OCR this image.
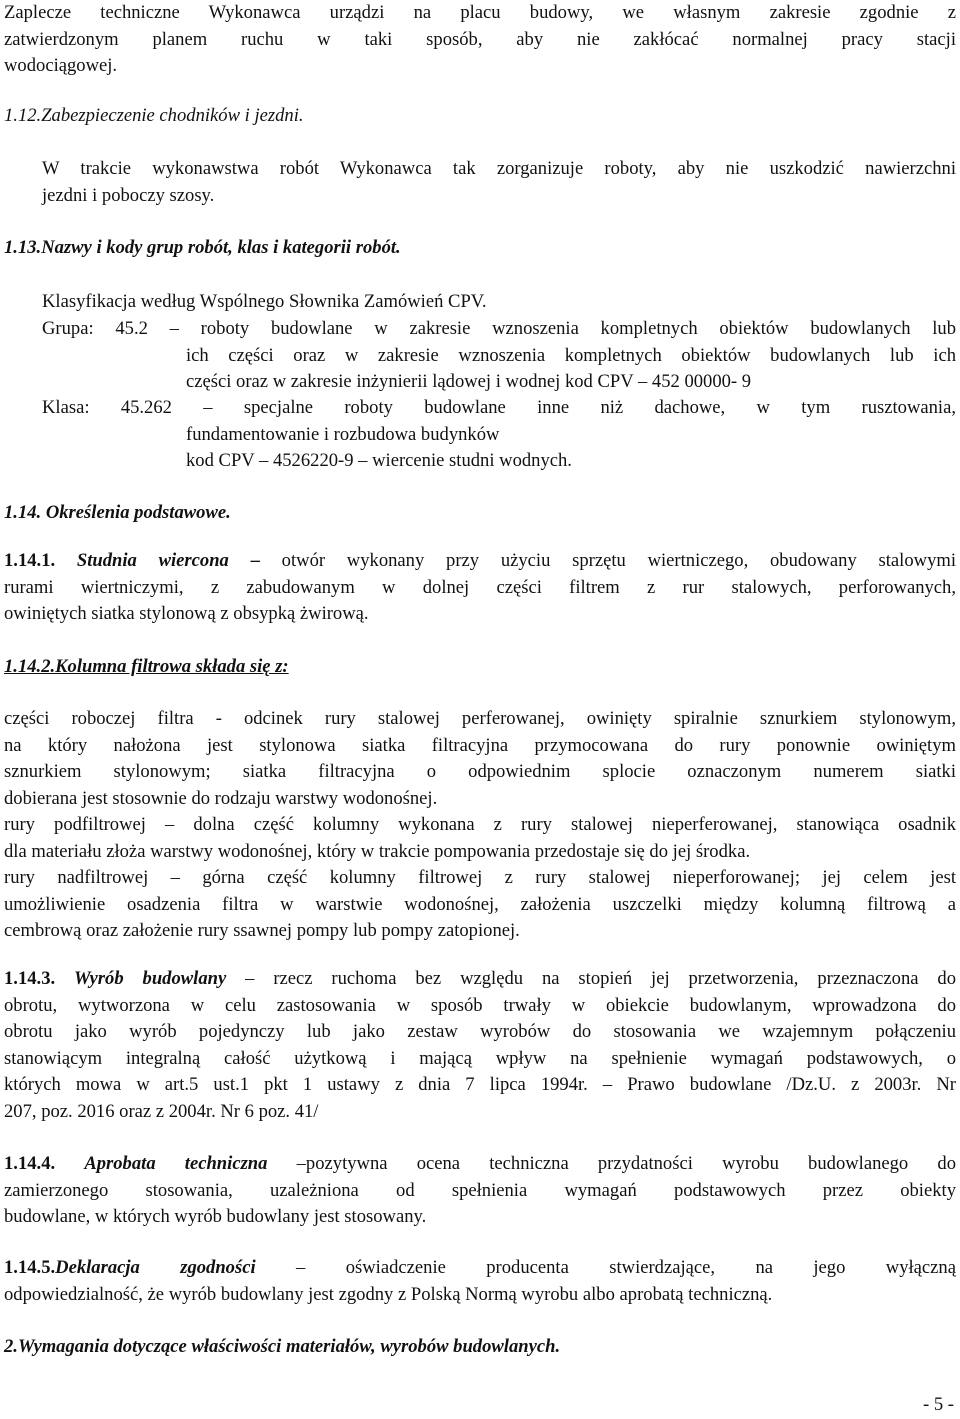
Zaplecze techniczne Wykonawca urządzi na placu budowy, we własnym zakresie zgodnie z
zatwierdzonym planem ruchu w taki sposób, aby nie zakłócać normalnej pracy stacji
wodociągowej.
1.12.Zabezpieczenie chodników i jezdni.
W trakcie wykonawstwa robót Wykonawca tak zorganizuje roboty, aby nie uszkodzić nawierzchni
jezdni i poboczy szosy.
1.13.Nazwy i kody grup robót, klas i kategorii robót.
Klasyfikacja według Wspólnego Słownika Zamówień CPV.
Grupa: 45.2 – roboty budowlane w zakresie wznoszenia kompletnych obiektów budowlanych lub
ich części oraz w zakresie wznoszenia kompletnych obiektów budowlanych lub ich
części oraz w zakresie inżynierii lądowej i wodnej kod CPV – 452 00000- 9
Klasa: 45.262 – specjalne roboty budowlane inne niż dachowe, w tym rusztowania,
fundamentowanie i rozbudowa budynków
kod CPV – 4526220-9 – wiercenie studni wodnych.
1.14. Określenia podstawowe.
1.14.1. Studnia wiercona – otwór wykonany przy użyciu sprzętu wiertniczego, obudowany stalowymi
rurami wiertniczymi, z zabudowanym w dolnej części filtrem z rur stalowych, perforowanych,
owiniętych siatka stylonową z obsypką żwirową.
1.14.2.Kolumna filtrowa składa się z:
części roboczej filtra - odcinek rury stalowej perferowanej, owinięty spiralnie sznurkiem stylonowym,
na który nałożona jest stylonowa siatka filtracyjna przymocowana do rury ponownie owiniętym
sznurkiem stylonowym; siatka filtracyjna o odpowiednim splocie oznaczonym numerem siatki
dobierana jest stosownie do rodzaju warstwy wodonośnej.
rury podfiltrowej – dolna część kolumny wykonana z rury stalowej nieperferowanej, stanowiąca osadnik
dla materiału złoża warstwy wodonośnej, który w trakcie pompowania przedostaje się do jej środka.
rury nadfiltrowej – górna część kolumny filtrowej z rury stalowej nieperforowanej; jej celem jest
umożliwienie osadzenia filtra w warstwie wodonośnej, założenia uszczelki między kolumną filtrową a
cembrową oraz założenie rury ssawnej pompy lub pompy zatopionej.
1.14.3. Wyrób budowlany – rzecz ruchoma bez względu na stopień jej przetworzenia, przeznaczona do
obrotu, wytworzona w celu zastosowania w sposób trwały w obiekcie budowlanym, wprowadzona do
obrotu jako wyrób pojedynczy lub jako zestaw wyrobów do stosowania we wzajemnym połączeniu
stanowiącym integralną całość użytkową i mającą wpływ na spełnienie wymagań podstawowych, o
których mowa w art.5 ust.1 pkt 1 ustawy z dnia 7 lipca 1994r. – Prawo budowlane /Dz.U. z 2003r. Nr
207, poz. 2016 oraz z 2004r. Nr 6 poz. 41/
1.14.4. Aprobata techniczna –pozytywna ocena techniczna przydatności wyrobu budowlanego do
zamierzonego stosowania, uzależniona od spełnienia wymagań podstawowych przez obiekty
budowlane, w których wyrób budowlany jest stosowany.
1.14.5.Deklaracja zgodności – oświadczenie producenta stwierdzające, na jego wyłączną
odpowiedzialność, że wyrób budowlany jest zgodny z Polską Normą wyrobu albo aprobatą techniczną.
2.Wymagania dotyczące właściwości materiałów, wyrobów budowlanych.
- 5 -
